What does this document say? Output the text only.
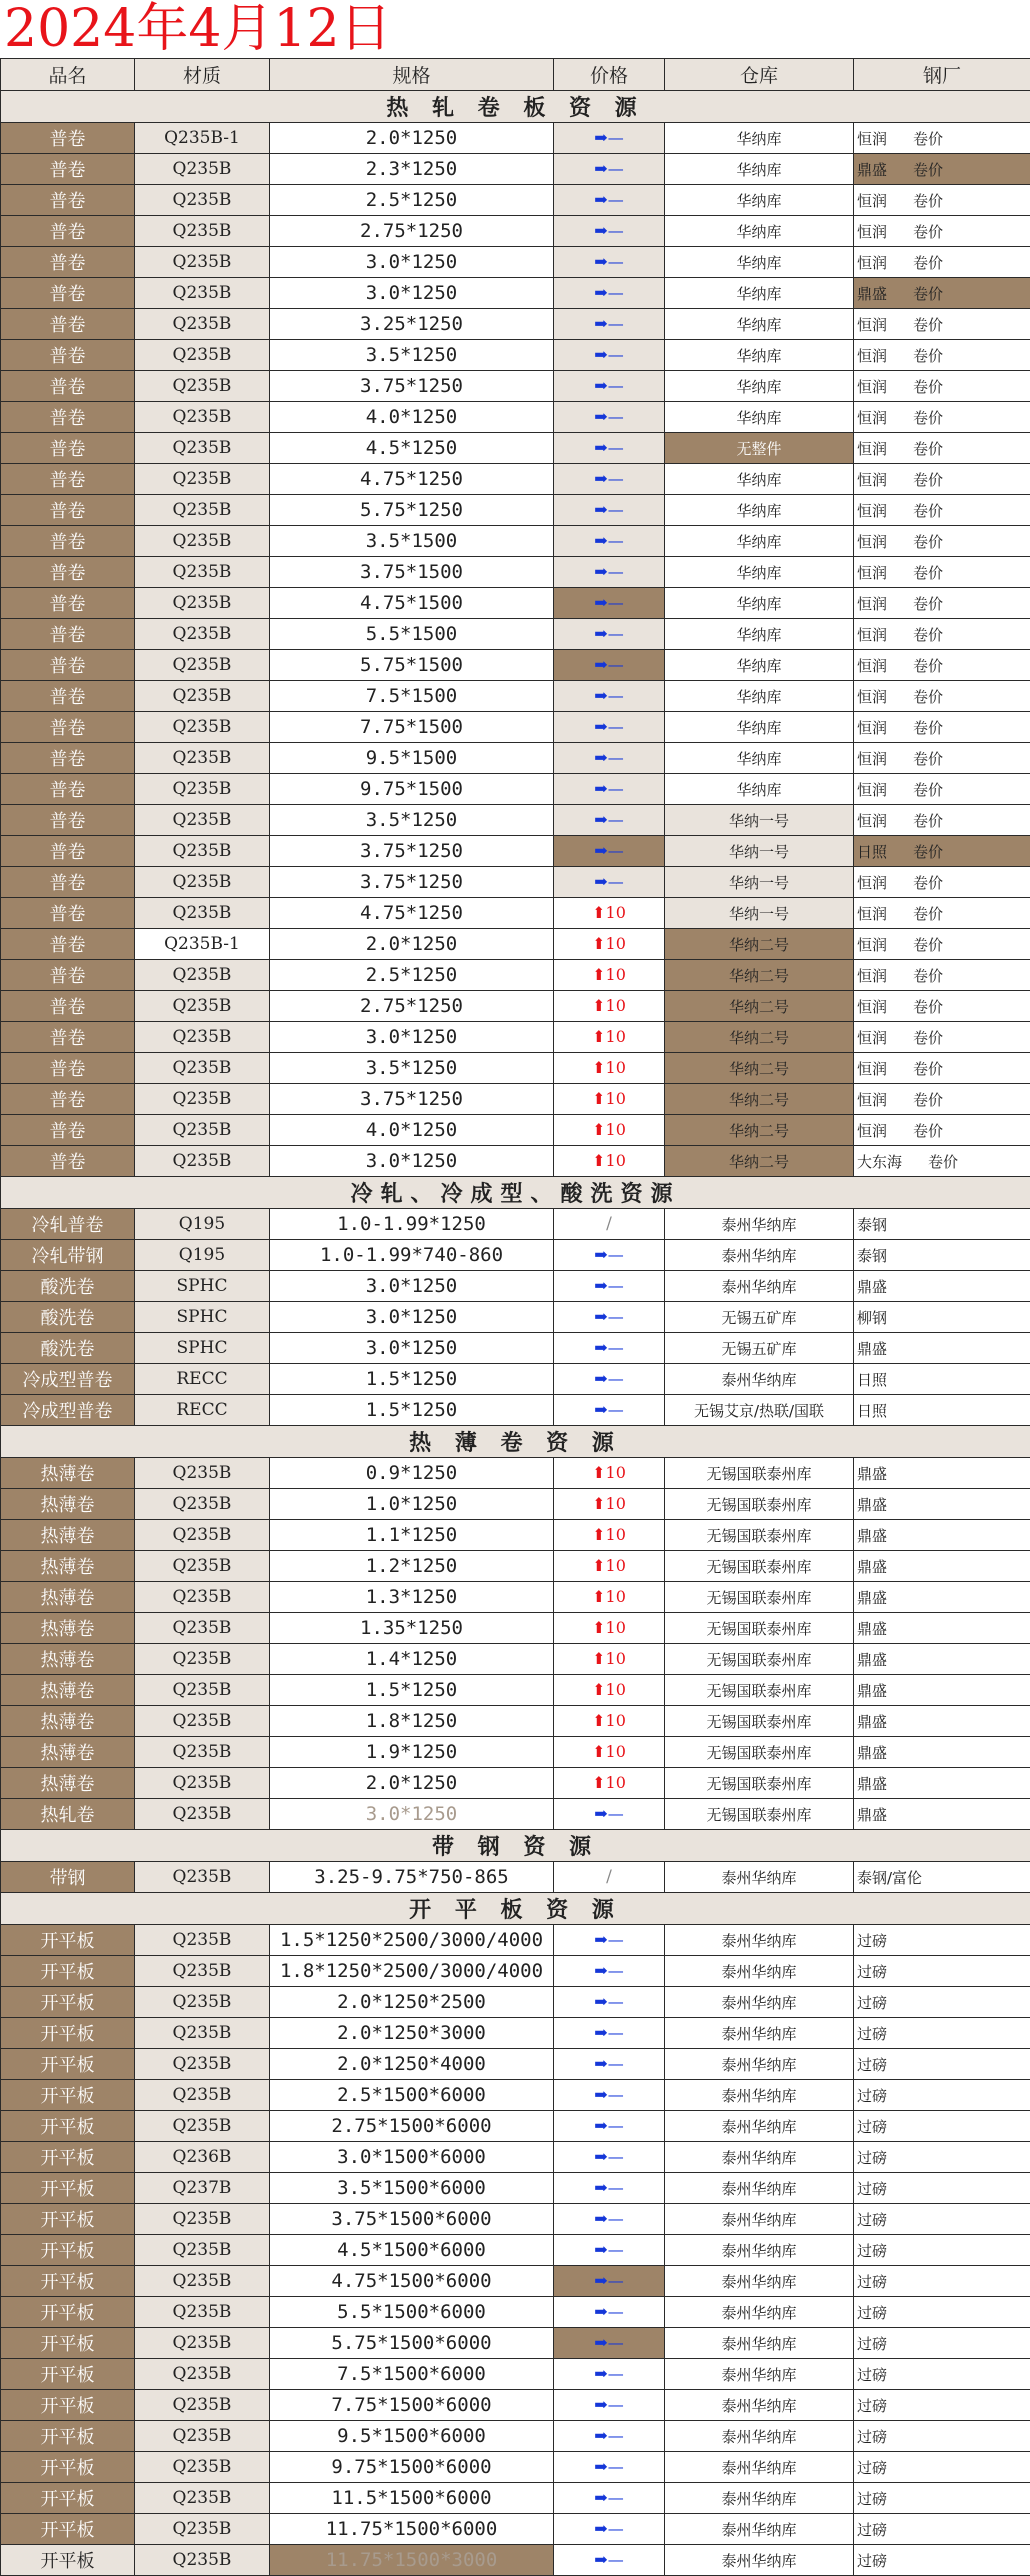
2024年4月12日
品名	材质	规格	价格	仓库	钢厂
热 轧 卷 板 资 源					
普卷	Q235B-1	2.0*1250	➡—	华纳库	恒润 卷价
普卷	Q235B	2.3*1250	➡—	华纳库	鼎盛 卷价
普卷	Q235B	2.5*1250	➡—	华纳库	恒润 卷价
普卷	Q235B	2.75*1250	➡—	华纳库	恒润 卷价
普卷	Q235B	3.0*1250	➡—	华纳库	恒润 卷价
普卷	Q235B	3.0*1250	➡—	华纳库	鼎盛 卷价
普卷	Q235B	3.25*1250	➡—	华纳库	恒润 卷价
普卷	Q235B	3.5*1250	➡—	华纳库	恒润 卷价
普卷	Q235B	3.75*1250	➡—	华纳库	恒润 卷价
普卷	Q235B	4.0*1250	➡—	华纳库	恒润 卷价
普卷	Q235B	4.5*1250	➡—	无整件	恒润 卷价
普卷	Q235B	4.75*1250	➡—	华纳库	恒润 卷价
普卷	Q235B	5.75*1250	➡—	华纳库	恒润 卷价
普卷	Q235B	3.5*1500	➡—	华纳库	恒润 卷价
普卷	Q235B	3.75*1500	➡—	华纳库	恒润 卷价
普卷	Q235B	4.75*1500	➡—	华纳库	恒润 卷价
普卷	Q235B	5.5*1500	➡—	华纳库	恒润 卷价
普卷	Q235B	5.75*1500	➡—	华纳库	恒润 卷价
普卷	Q235B	7.5*1500	➡—	华纳库	恒润 卷价
普卷	Q235B	7.75*1500	➡—	华纳库	恒润 卷价
普卷	Q235B	9.5*1500	➡—	华纳库	恒润 卷价
普卷	Q235B	9.75*1500	➡—	华纳库	恒润 卷价
普卷	Q235B	3.5*1250	➡—	华纳一号	恒润 卷价
普卷	Q235B	3.75*1250	➡—	华纳一号	日照 卷价
普卷	Q235B	3.75*1250	➡—	华纳一号	恒润 卷价
普卷	Q235B	4.75*1250	⬆10	华纳一号	恒润 卷价
普卷	Q235B-1	2.0*1250	⬆10	华纳二号	恒润 卷价
普卷	Q235B	2.5*1250	⬆10	华纳二号	恒润 卷价
普卷	Q235B	2.75*1250	⬆10	华纳二号	恒润 卷价
普卷	Q235B	3.0*1250	⬆10	华纳二号	恒润 卷价
普卷	Q235B	3.5*1250	⬆10	华纳二号	恒润 卷价
普卷	Q235B	3.75*1250	⬆10	华纳二号	恒润 卷价
普卷	Q235B	4.0*1250	⬆10	华纳二号	恒润 卷价
普卷	Q235B	3.0*1250	⬆10	华纳二号	大东海 卷价
冷轧、冷成型、酸洗资源					
冷轧普卷	Q195	1.0-1.99*1250	/	泰州华纳库	泰钢
冷轧带钢	Q195	1.0-1.99*740-860	➡—	泰州华纳库	泰钢
酸洗卷	SPHC	3.0*1250	➡—	泰州华纳库	鼎盛
酸洗卷	SPHC	3.0*1250	➡—	无锡五矿库	柳钢
酸洗卷	SPHC	3.0*1250	➡—	无锡五矿库	鼎盛
冷成型普卷	RECC	1.5*1250	➡—	泰州华纳库	日照
冷成型普卷	RECC	1.5*1250	➡—	无锡艾京/热联/国联	日照
热 薄 卷 资 源					
热薄卷	Q235B	0.9*1250	⬆10	无锡国联泰州库	鼎盛
热薄卷	Q235B	1.0*1250	⬆10	无锡国联泰州库	鼎盛
热薄卷	Q235B	1.1*1250	⬆10	无锡国联泰州库	鼎盛
热薄卷	Q235B	1.2*1250	⬆10	无锡国联泰州库	鼎盛
热薄卷	Q235B	1.3*1250	⬆10	无锡国联泰州库	鼎盛
热薄卷	Q235B	1.35*1250	⬆10	无锡国联泰州库	鼎盛
热薄卷	Q235B	1.4*1250	⬆10	无锡国联泰州库	鼎盛
热薄卷	Q235B	1.5*1250	⬆10	无锡国联泰州库	鼎盛
热薄卷	Q235B	1.8*1250	⬆10	无锡国联泰州库	鼎盛
热薄卷	Q235B	1.9*1250	⬆10	无锡国联泰州库	鼎盛
热薄卷	Q235B	2.0*1250	⬆10	无锡国联泰州库	鼎盛
热轧卷	Q235B	3.0*1250	➡—	无锡国联泰州库	鼎盛
带 钢 资 源					
带钢	Q235B	3.25-9.75*750-865	/	泰州华纳库	泰钢/富伦
开 平 板 资 源					
开平板	Q235B	1.5*1250*2500/3000/4000	➡—	泰州华纳库	过磅
开平板	Q235B	1.8*1250*2500/3000/4000	➡—	泰州华纳库	过磅
开平板	Q235B	2.0*1250*2500	➡—	泰州华纳库	过磅
开平板	Q235B	2.0*1250*3000	➡—	泰州华纳库	过磅
开平板	Q235B	2.0*1250*4000	➡—	泰州华纳库	过磅
开平板	Q235B	2.5*1500*6000	➡—	泰州华纳库	过磅
开平板	Q235B	2.75*1500*6000	➡—	泰州华纳库	过磅
开平板	Q236B	3.0*1500*6000	➡—	泰州华纳库	过磅
开平板	Q237B	3.5*1500*6000	➡—	泰州华纳库	过磅
开平板	Q235B	3.75*1500*6000	➡—	泰州华纳库	过磅
开平板	Q235B	4.5*1500*6000	➡—	泰州华纳库	过磅
开平板	Q235B	4.75*1500*6000	➡—	泰州华纳库	过磅
开平板	Q235B	5.5*1500*6000	➡—	泰州华纳库	过磅
开平板	Q235B	5.75*1500*6000	➡—	泰州华纳库	过磅
开平板	Q235B	7.5*1500*6000	➡—	泰州华纳库	过磅
开平板	Q235B	7.75*1500*6000	➡—	泰州华纳库	过磅
开平板	Q235B	9.5*1500*6000	➡—	泰州华纳库	过磅
开平板	Q235B	9.75*1500*6000	➡—	泰州华纳库	过磅
开平板	Q235B	11.5*1500*6000	➡—	泰州华纳库	过磅
开平板	Q235B	11.75*1500*6000	➡—	泰州华纳库	过磅
开平板	Q235B	11.75*1500*3000	➡—	泰州华纳库	过磅
